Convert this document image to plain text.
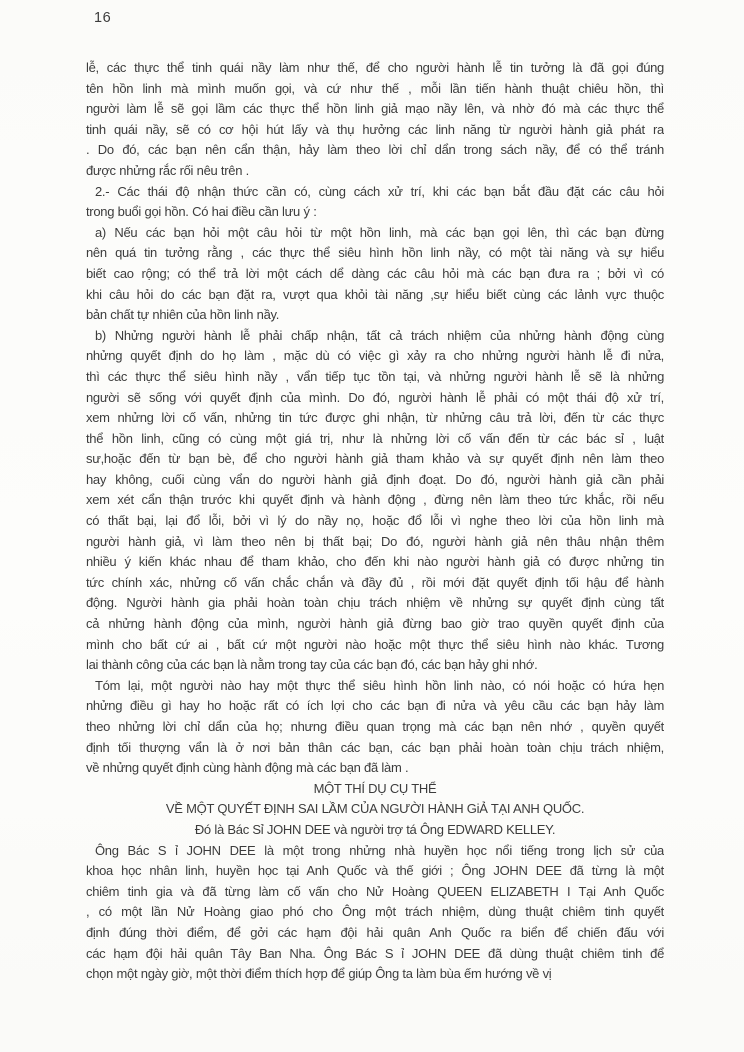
16
lễ, các thực thể tinh quái nầy làm như thế, để cho người hành lễ tin tưởng là đã gọi đúng
tên hồn linh mà mình muốn gọi, và cứ như thế , mỗi lần tiến hành thuật chiêu hồn, thì
người làm lễ sẽ gọi lầm các thực thể hồn linh giả mạo nầy lên, và nhờ đó mà các thực thể
tinh quái nầy, sẽ có cơ hội hút lấy và thụ hưởng các linh năng từ người hành giả phát ra
. Do đó, các bạn nên cẩn thận, hảy làm theo lời chỉ dẩn trong sách nầy, để có thể tránh
được nhửng rắc rối nêu trên .
2.- Các thái độ nhận thức cần có, cùng cách xử trí, khi các bạn bắt đầu đặt các câu hỏi
trong buổi gọi hồn. Có hai điều cần lưu ý :
a) Nếu các bạn hỏi một câu hỏi từ một hồn linh, mà các bạn gọi lên, thì các bạn đừng
nên quá tin tưởng rằng , các thực thể siêu hình hồn linh nầy, có một tài năng và sự hiểu
biết cao rộng; có thể trả lời một cách dể dàng các câu hỏi mà các bạn đưa ra ; bởi vì có
khi câu hỏi do các bạn đặt ra, vượt qua khỏi tài năng ,sự hiểu biết cùng các lảnh vực thuộc
bản chất tự nhiên của hồn linh nầy.
b) Nhửng người hành lễ phải chấp nhận, tất cả trách nhiệm của nhửng hành động cùng
nhửng quyết định do họ làm , mặc dù có việc gì xảy ra cho nhửng người hành lễ đi nửa,
thì các thực thể siêu hình nầy , vẩn tiếp tục tồn tại, và nhửng người hành lễ sẽ là nhửng
người sẽ sống với quyết định của mình. Do đó, người hành lễ phải có một thái độ xử trí,
xem nhửng lời cố vấn, nhửng tin tức được ghi nhận, từ nhửng câu trả lời, đến từ các thực
thể hồn linh, cũng có cùng một giá trị, như là nhửng lời cố vấn đến từ các bác sỉ , luật
sư,hoặc đến từ bạn bè, để cho người hành giả tham khảo và sự quyết định nên làm theo
hay không, cuối cùng vẩn do người hành giả định đoạt. Do đó, người hành giả cần phải
xem xét cẩn thận trước khi quyết định và hành động , đừng nên làm theo tức khắc, rồi nếu
có thất bại, lại đổ lỗi, bởi vì lý do nầy nọ, hoặc đổ lỗi vì nghe theo lời của hồn linh mà
người hành giả, vì làm theo nên bị thất bại; Do đó, người hành giả nên thâu nhận thêm
nhiều ý kiến khác nhau để tham khảo, cho đến khi nào người hành giả có được nhửng tin
tức chính xác, nhửng cố vấn chắc chắn và đầy đủ , rồi mới đặt quyết định tối hậu để hành
động. Người hành gia phải hoàn toàn chịu trách nhiệm về nhửng sự quyết định cùng tất
cả nhửng hành động của mình, người hành giả đừng bao giờ trao quyền quyết định của
mình cho bất cứ ai , bất cứ một người nào hoặc một thực thể siêu hình nào khác. Tương
lai thành công của các bạn là nằm trong tay của các bạn đó, các bạn hảy ghi nhớ.
Tóm lại, một người nào hay một thực thể siêu hình hồn linh nào, có nói hoặc có hứa hẹn
nhửng điều gì hay ho hoặc rất có ích lợi cho các bạn đi nửa và yêu cầu các bạn hảy làm
theo nhửng lời chỉ dẩn của họ; nhưng điều quan trọng mà các bạn nên nhớ , quyền quyết
định tối thượng vẩn là ở nơi bản thân các bạn, các bạn phải hoàn toàn chịu trách nhiệm,
về nhửng quyết định cùng hành động mà các bạn đã làm .
MỘT THÍ DỤ CỤ THỂ
VỀ MỘT QUYẾT ĐỊNH SAI LẦM CỦA NGƯỜI HÀNH GiẢ TẠI ANH QUỐC.
Đó là Bác Sỉ JOHN DEE và người trợ tá Ông EDWARD KELLEY.
Ông Bác S ỉ JOHN DEE là một trong nhửng nhà huyền học nổi tiếng trong lịch sử của
khoa học nhân linh, huyền học tại Anh Quốc và thế giới ; Ông JOHN DEE đã từng là một
chiêm tinh gia và đã từng làm cố vấn cho Nử Hoàng QUEEN ELIZABETH I Tại Anh Quốc
, có một lần Nử Hoàng giao phó cho Ông một trách nhiệm, dùng thuật chiêm tinh quyết
định đúng thời điểm, để gởi các hạm đội hải quân Anh Quốc ra biển để chiến đấu với
các hạm đội hải quân Tây Ban Nha. Ông Bác S ỉ JOHN DEE đã dùng thuật chiêm tinh để
chọn một ngày giờ, một thời điểm thích hợp để giúp Ông ta làm bùa ếm hướng về vị
